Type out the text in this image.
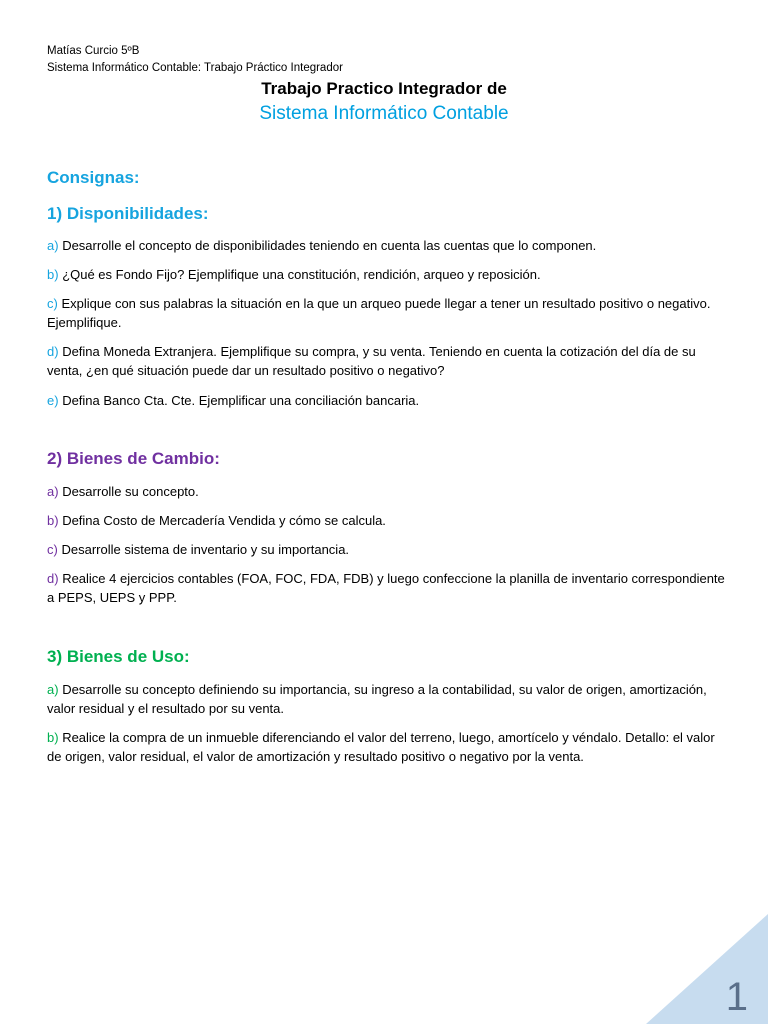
Matías Curcio 5ºB
Sistema Informático Contable: Trabajo Práctico Integrador
Trabajo Practico Integrador de
Sistema Informático Contable
Consignas:
1) Disponibilidades:
a) Desarrolle el concepto de disponibilidades teniendo en cuenta las cuentas que lo componen.
b) ¿Qué es Fondo Fijo? Ejemplifique una constitución, rendición, arqueo y reposición.
c) Explique con sus palabras la situación en la que un arqueo puede llegar a tener un resultado positivo o negativo. Ejemplifique.
d) Defina Moneda Extranjera. Ejemplifique su compra, y su venta. Teniendo en cuenta la cotización del día de su venta, ¿en qué situación puede dar un resultado positivo o negativo?
e) Defina Banco Cta. Cte. Ejemplificar una conciliación bancaria.
2) Bienes de Cambio:
a) Desarrolle su concepto.
b) Defina Costo de Mercadería Vendida y cómo se calcula.
c) Desarrolle sistema de inventario y su importancia.
d) Realice 4 ejercicios contables (FOA, FOC, FDA, FDB) y luego confeccione la planilla de inventario correspondiente a PEPS, UEPS y PPP.
3) Bienes de Uso:
a) Desarrolle su concepto definiendo su importancia, su ingreso a la contabilidad, su valor de origen, amortización, valor residual y el resultado por su venta.
b) Realice la compra de un inmueble diferenciando el valor del terreno, luego, amortícelo y véndalo. Detallo: el valor de origen, valor residual, el valor de amortización y resultado positivo o negativo por la venta.
1
